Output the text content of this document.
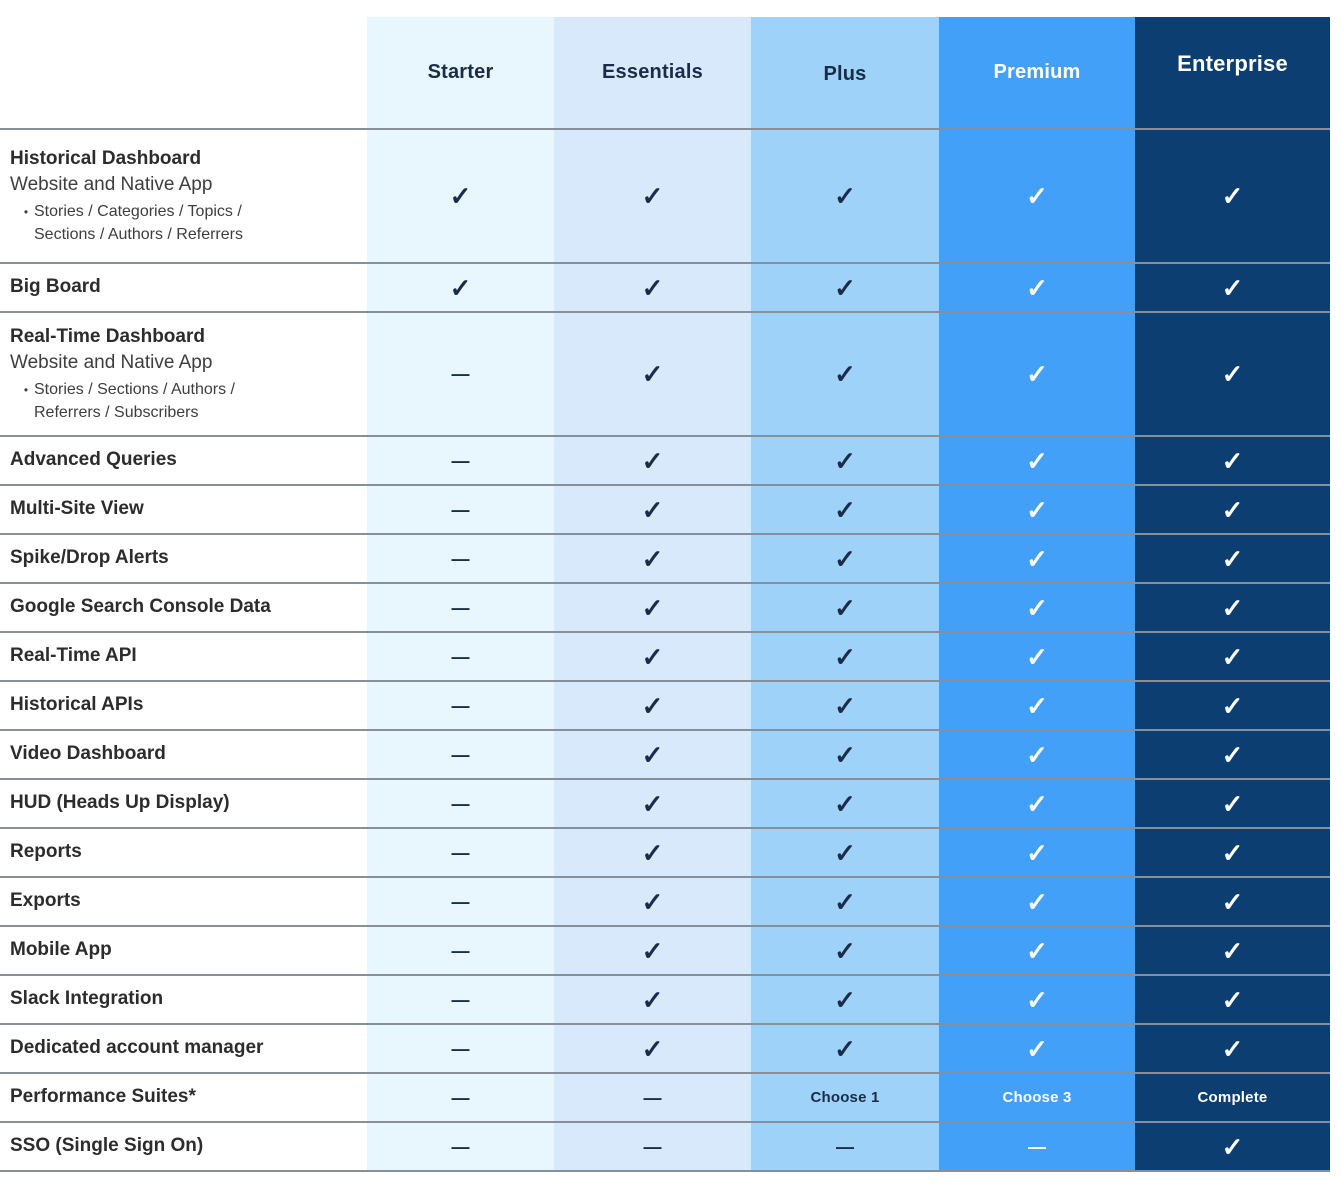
Starter	Essentials	Plus	Premium	Enterprise
Historical Dashboard
Website and Native App
• Stories / Categories / Topics /
Sections / Authors / Referrers
✓	✓	✓	✓	✓
Big Board	✓	✓	✓	✓	✓
Real-Time Dashboard
Website and Native App
• Stories / Sections / Authors /
Referrers / Subscribers
—	✓	✓	✓	✓
Advanced Queries	—	✓	✓	✓	✓
Multi-Site View	—	✓	✓	✓	✓
Spike/Drop Alerts	—	✓	✓	✓	✓
Google Search Console Data	—	✓	✓	✓	✓
Real-Time API	—	✓	✓	✓	✓
Historical APIs	—	✓	✓	✓	✓
Video Dashboard	—	✓	✓	✓	✓
HUD (Heads Up Display)	—	✓	✓	✓	✓
Reports	—	✓	✓	✓	✓
Exports	—	✓	✓	✓	✓
Mobile App	—	✓	✓	✓	✓
Slack Integration	—	✓	✓	✓	✓
Dedicated account manager	—	✓	✓	✓	✓
Performance Suites*	—	—	Choose 1	Choose 3	Complete
SSO (Single Sign On)	—	—	—	—	✓
